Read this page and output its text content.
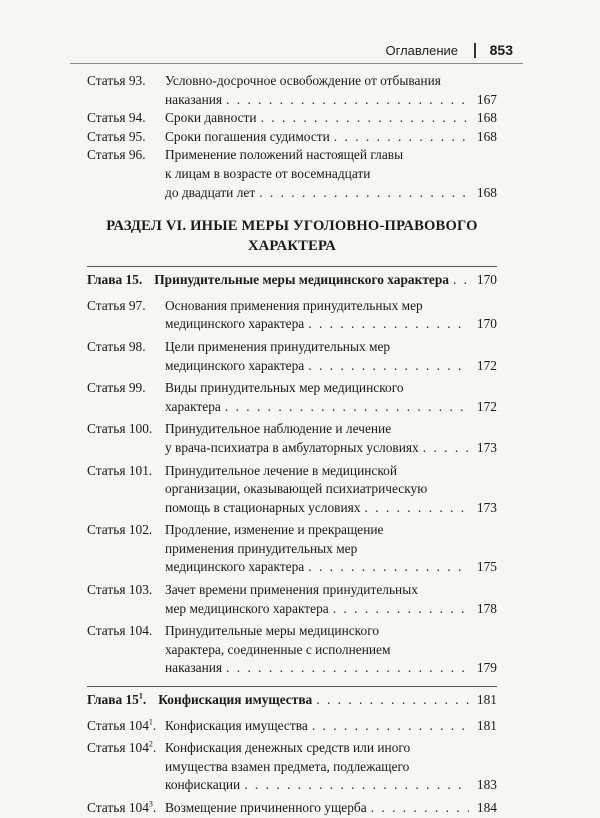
Оглавление 853
Статья 93. Условно-досрочное освобождение от отбывания
наказания . . .	167
Статья 94. Сроки давности . . .	168
Статья 95. Сроки погашения судимости . . .	168
Статья 96. Применение положений настоящей главы
к лицам в возрасте от восемнадцати
до двадцати лет . . .	168
РАЗДЕЛ VI. ИНЫЕ МЕРЫ УГОЛОВНО-ПРАВОВОГО
ХАРАКТЕРА
Глава 15. Принудительные меры медицинского характера . . . 170
Статья 97. Основания применения принудительных мер
медицинского характера . . .	170
Статья 98. Цели применения принудительных мер
медицинского характера . . .	172
Статья 99. Виды принудительных мер медицинского
характера . . .	172
Статья 100. Принудительное наблюдение и лечение
у врача-психиатра в амбулаторных условиях . . .	173
Статья 101. Принудительное лечение в медицинской
организации, оказывающей психиатрическую
помощь в стационарных условиях . . .	173
Статья 102. Продление, изменение и прекращение
применения принудительных мер
медицинского характера . . .	175
Статья 103. Зачет времени применения принудительных
мер медицинского характера . . .	178
Статья 104. Принудительные меры медицинского
характера, соединенные с исполнением
наказания . . .	179
Глава $15^1$. Конфискация имущества . . .	181
Статья $104^1$. Конфискация имущества . . .	181
Статья $104^2$. Конфискация денежных средств или иного
имущества взамен предмета, подлежащего
конфискации . . .	183
Статья $104^3$. Возмещение причиненного ущерба . . .	184
